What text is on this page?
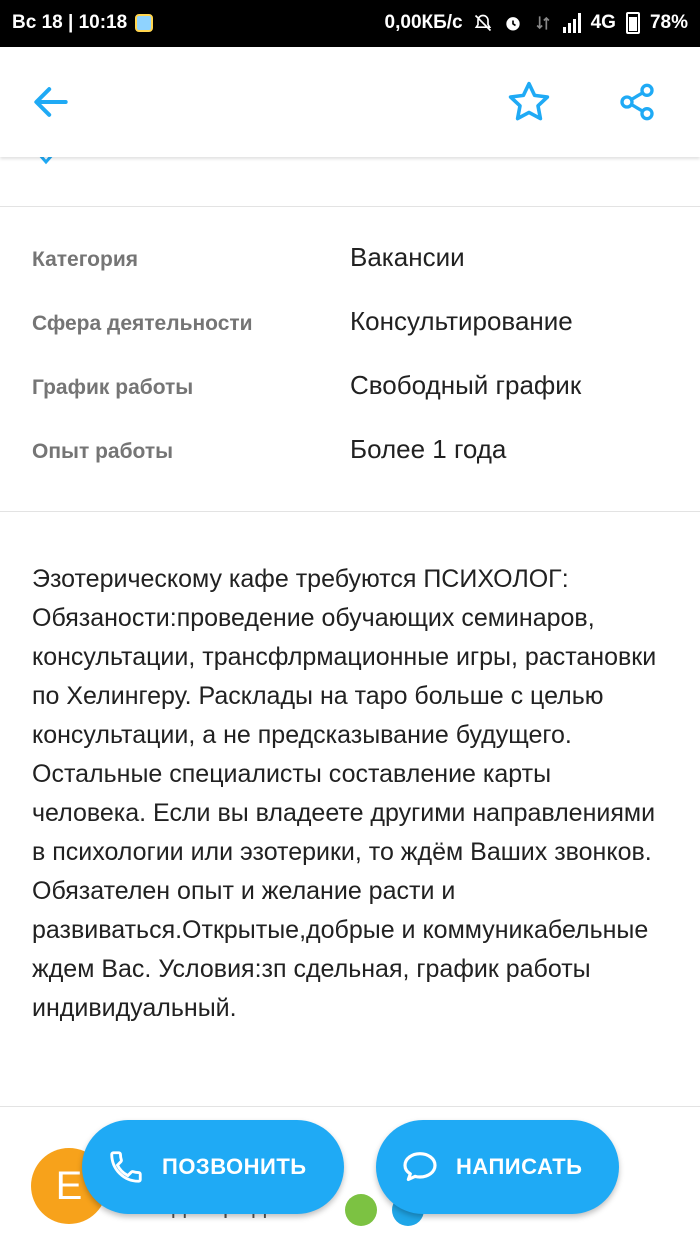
Вс 18 | 10:18	0,00КБ/с	4G 78%
Категория	Вакансии
Сфера деятельности	Консультирование
График работы	Свободный график
Опыт работы	Более 1 года
Эзотерическому кафе требуются ПСИХОЛОГ: Обязаности:проведение обучающих семинаров, консультации, трансфлрмационные игры, растановки по Хелингеру. Расклады на таро больше с целью консультации, а не предсказывание будущего. Остальные специалисты составление карты человека. Если вы владеете другими направлениями в психологии или эзотерики, то ждём Ваших звонков. Обязателен опыт и желание расти и развиваться.Открытые,добрые и коммуникабельные ждем Вас. Условия:зп сдельная, график работы индивидуальный.
Е	ПОЗВОНИТЬ	НАПИСАТЬ
